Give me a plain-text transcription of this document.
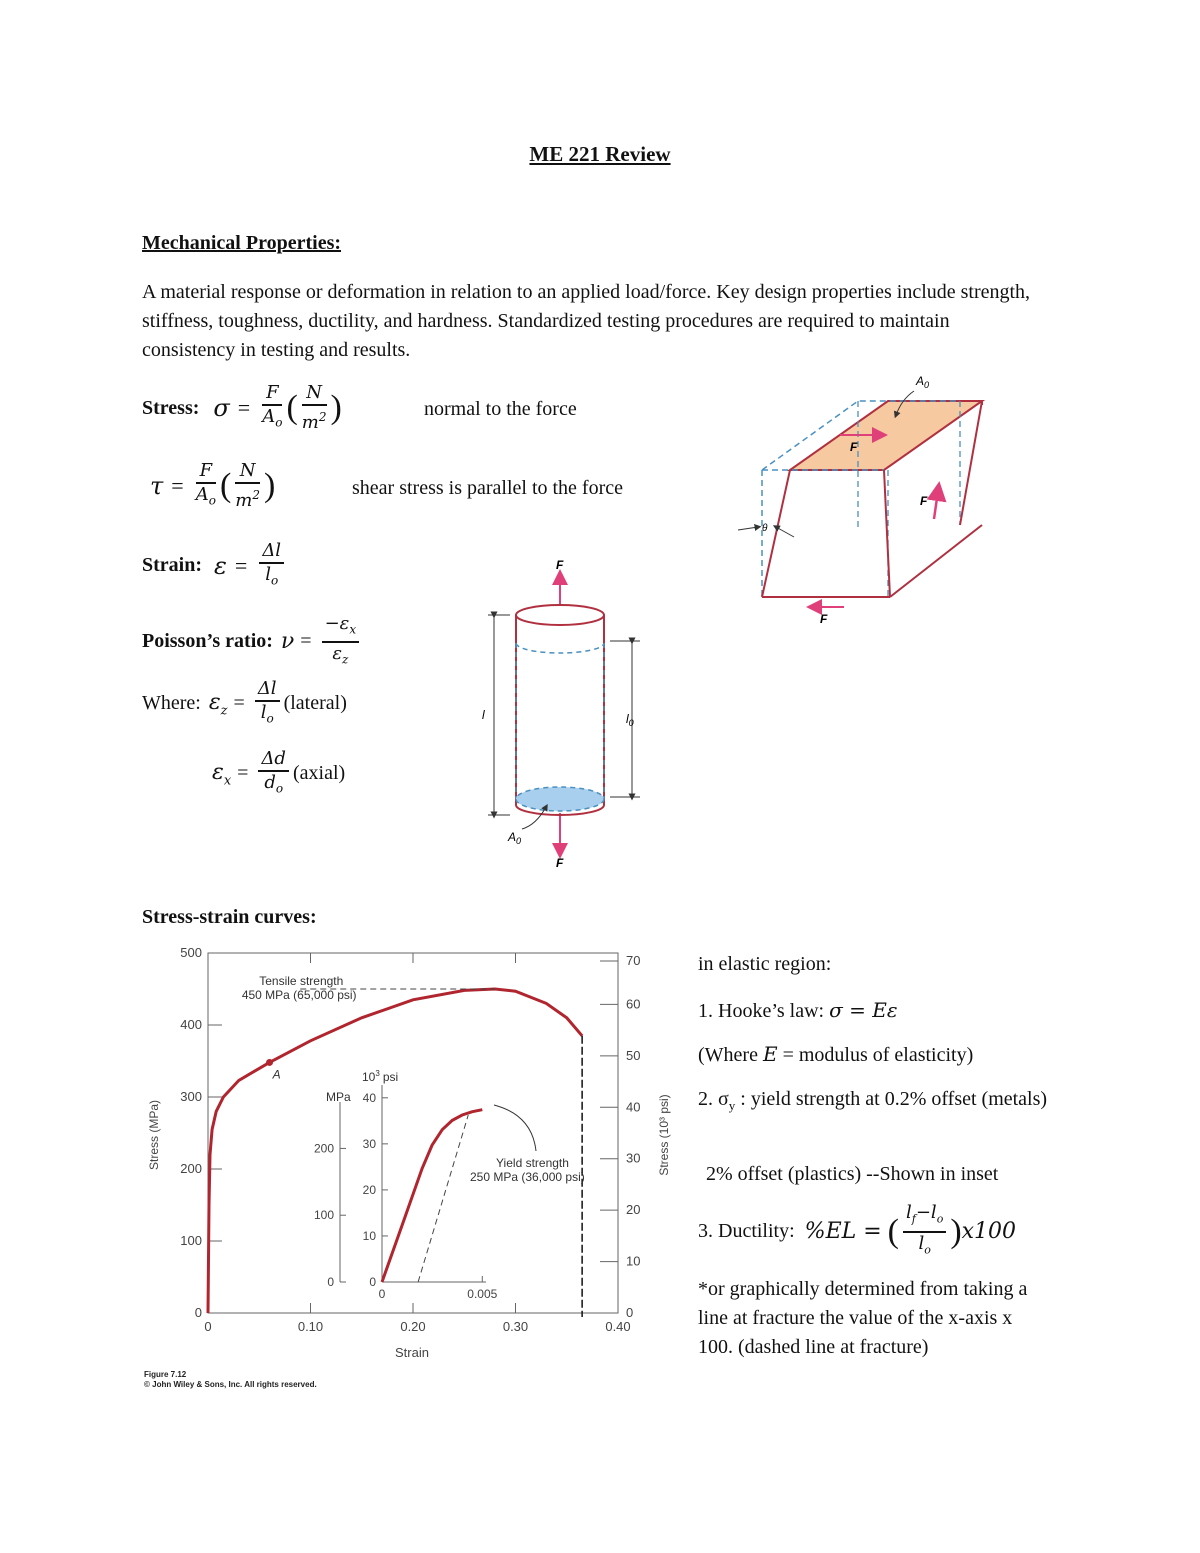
ME 221 Review
Mechanical Properties:
A material response or deformation in relation to an applied load/force. Key design properties include strength, stiffness, toughness, ductility, and hardness. Standardized testing procedures are required to maintain consistency in testing and results.
Stress: $\sigma = \frac{F}{A_o}$ ( $\frac{N}{m^2}$ )	normal to the force
$\tau = \frac{F}{A_o}$ ( $\frac{N}{m^2}$ )	shear stress is parallel to the force
Strain: $\varepsilon = \frac{\Delta l}{l_o}$
Poisson’s ratio: $\nu = \frac{-\varepsilon_x}{\varepsilon_z}$
Where: $\varepsilon_z = \frac{\Delta l}{l_o}$ (lateral)
$\varepsilon_x = \frac{\Delta d}{d_o}$ (axial)
F
F
l	$l_0$
$A_0$
F
F
F
$A_0$
θ
Stress-strain curves:
0	0.10	0.20	0.30	0.40
0
100
200
300
400
500
0
10
20
30
40
50
60
70
Strain
Stress (MPa)	Stress (10³ psi)
Tensile strength
450 MPa (65,000 psi)
A
0	0.005
0
10
20
30
40
0
100
200
$10^3$ psi
MPa
Yield strength
250 MPa (36,000 psi)
Figure 7.12
© John Wiley & Sons, Inc. All rights reserved.
in elastic region:
1. Hooke’s law: σ = Eε
(Where E = modulus of elasticity)
2. $\sigma_y$ : yield strength at 0.2% offset (metals)
2% offset (plastics) --Shown in inset
3. Ductility: %EL = ( $\frac{l_f-l_o}{l_o}$ ) x100
*or graphically determined from taking a line at fracture the value of the x-axis x 100. (dashed line at fracture)
